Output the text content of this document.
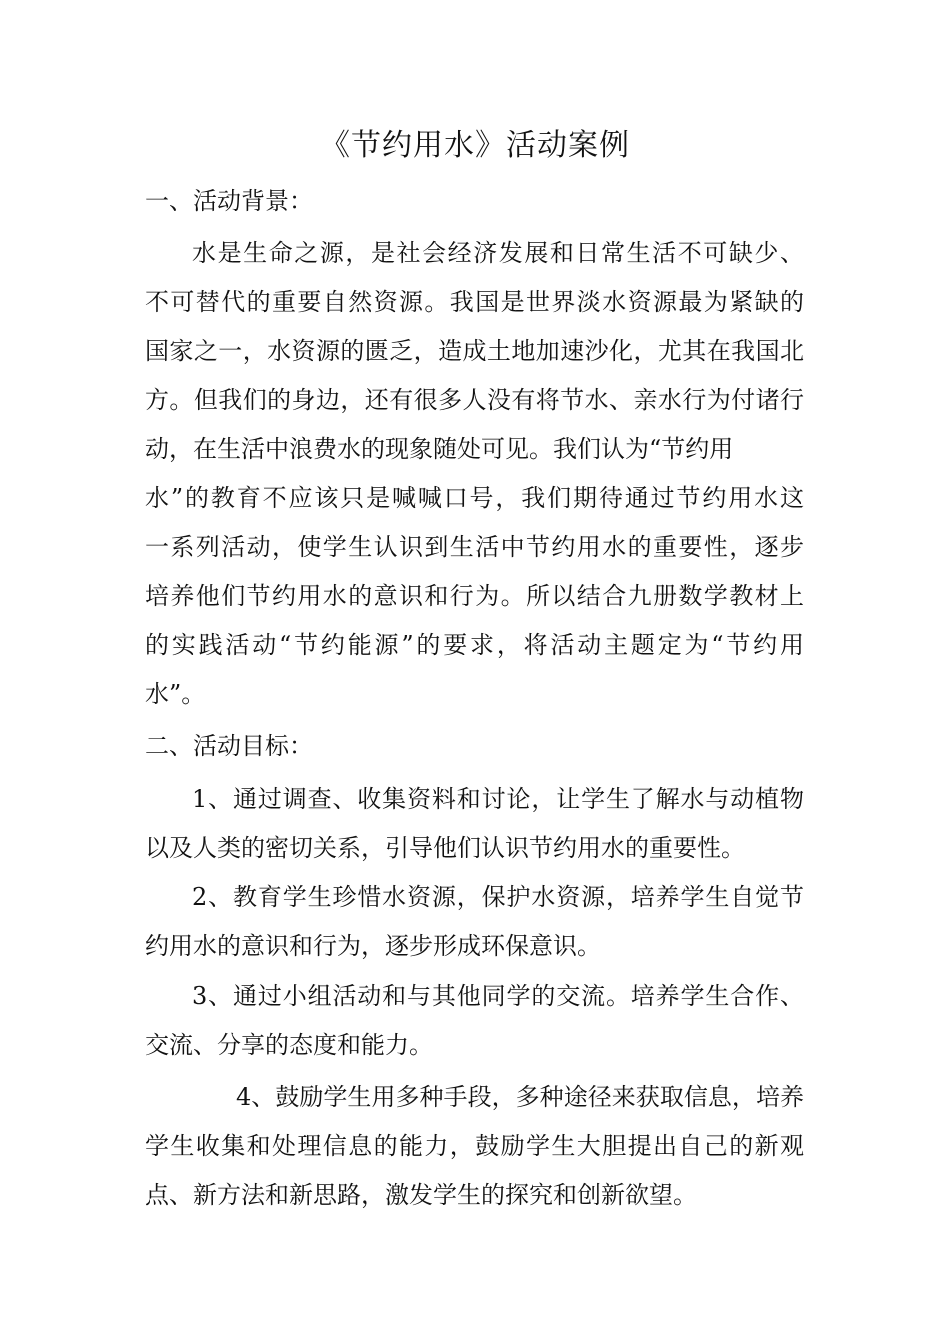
《节约用水》活动案例
一、活动背景：
水是生命之源，是社会经济发展和日常生活不可缺少、
不可替代的重要自然资源。我国是世界淡水资源最为紧缺的
国家之一，水资源的匮乏，造成土地加速沙化，尤其在我国北
方。但我们的身边，还有很多人没有将节水、亲水行为付诸行
动，在生活中浪费水的现象随处可见。我们认为“节约用
水”的教育不应该只是喊喊口号，我们期待通过节约用水这
一系列活动，使学生认识到生活中节约用水的重要性，逐步
培养他们节约用水的意识和行为。所以结合九册数学教材上
的实践活动“节约能源”的要求，将活动主题定为“节约用
水”。
二、活动目标：
1、通过调查、收集资料和讨论，让学生了解水与动植物
以及人类的密切关系，引导他们认识节约用水的重要性。
2、教育学生珍惜水资源，保护水资源，培养学生自觉节
约用水的意识和行为，逐步形成环保意识。
3、通过小组活动和与其他同学的交流。培养学生合作、
交流、分享的态度和能力。
4、鼓励学生用多种手段，多种途径来获取信息，培养
学生收集和处理信息的能力，鼓励学生大胆提出自己的新观
点、新方法和新思路，激发学生的探究和创新欲望。
